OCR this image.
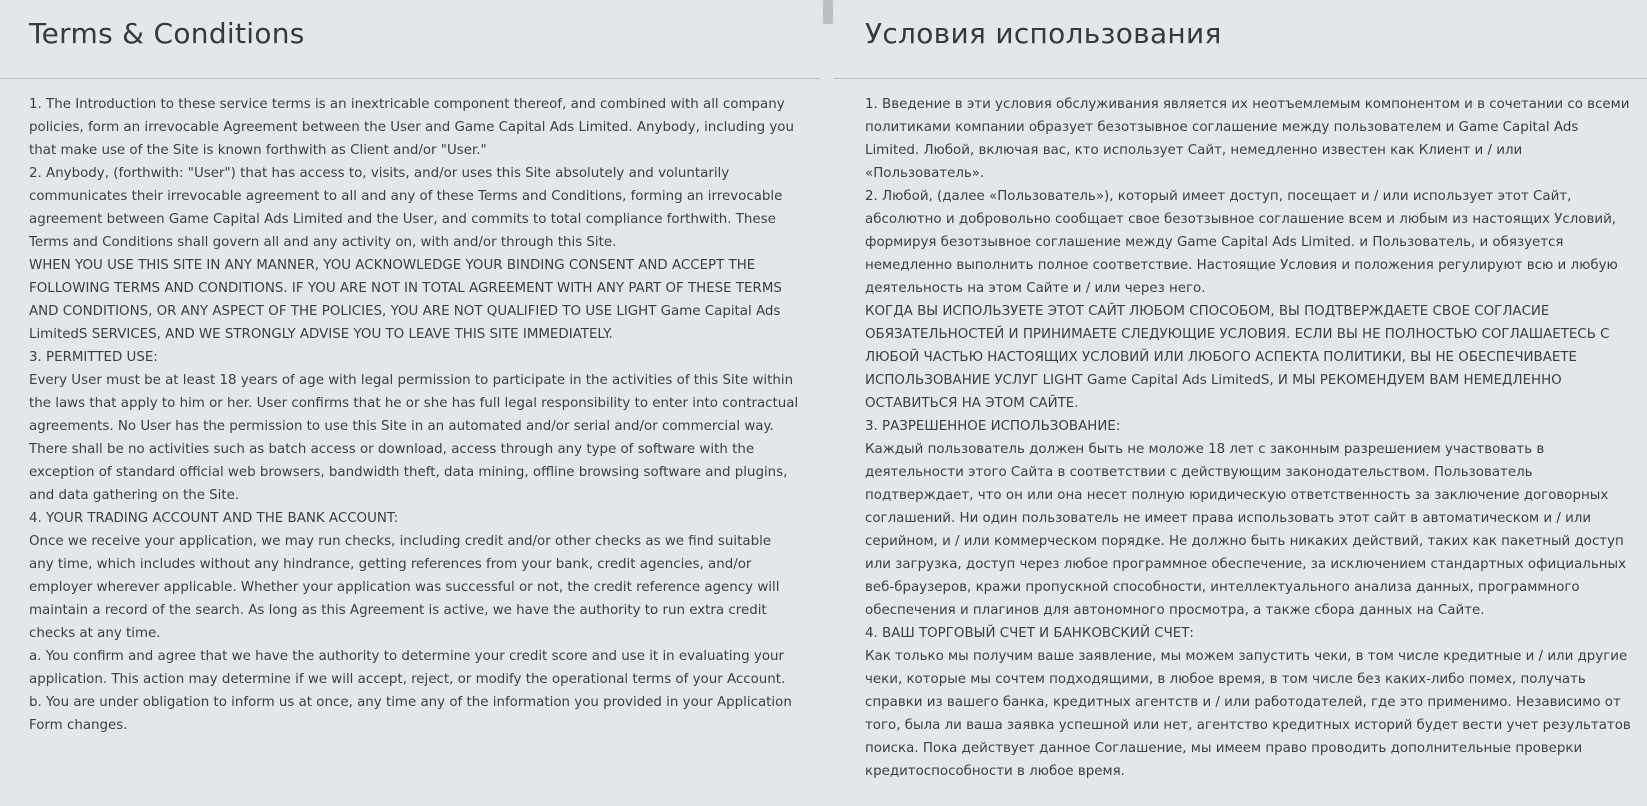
Terms & Conditions

1. The Introduction to these service terms is an inextricable component thereof, and combined with all company policies, form an irrevocable Agreement between the User and Game Capital Ads Limited. Anybody, including you that make use of the Site is known forthwith as Client and/or "User."

2. Anybody, (forthwith: "User") that has access to, visits, and/or uses this Site absolutely and voluntarily communicates their irrevocable agreement to all and any of these Terms and Conditions, forming an irrevocable agreement between Game Capital Ads Limited and the User, and commits to total compliance forthwith. These Terms and Conditions shall govern all and any activity on, with and/or through this Site.

WHEN YOU USE THIS SITE IN ANY MANNER, YOU ACKNOWLEDGE YOUR BINDING CONSENT AND ACCEPT THE FOLLOWING TERMS AND CONDITIONS. IF YOU ARE NOT IN TOTAL AGREEMENT WITH ANY PART OF THESE TERMS AND CONDITIONS, OR ANY ASPECT OF THE POLICIES, YOU ARE NOT QUALIFIED TO USE LIGHT Game Capital Ads LimitedS SERVICES, AND WE STRONGLY ADVISE YOU TO LEAVE THIS SITE IMMEDIATELY.

3. PERMITTED USE:

Every User must be at least 18 years of age with legal permission to participate in the activities of this Site within the laws that apply to him or her. User confirms that he or she has full legal responsibility to enter into contractual agreements. No User has the permission to use this Site in an automated and/or serial and/or commercial way. There shall be no activities such as batch access or download, access through any type of software with the exception of standard official web browsers, bandwidth theft, data mining, offline browsing software and plugins, and data gathering on the Site.

4. YOUR TRADING ACCOUNT AND THE BANK ACCOUNT:

Once we receive your application, we may run checks, including credit and/or other checks as we find suitable any time, which includes without any hindrance, getting references from your bank, credit agencies, and/or employer wherever applicable. Whether your application was successful or not, the credit reference agency will maintain a record of the search. As long as this Agreement is active, we have the authority to run extra credit checks at any time.

a. You confirm and agree that we have the authority to determine your credit score and use it in evaluating your application. This action may determine if we will accept, reject, or modify the operational terms of your Account.

b. You are under obligation to inform us at once, any time any of the information you provided in your Application Form changes.

Условия использования

1. Введение в эти условия обслуживания является их неотъемлемым компонентом и в сочетании со всеми политиками компании образует безотзывное соглашение между пользователем и Game Capital Ads Limited. Любой, включая вас, кто использует Сайт, немедленно известен как Клиент и / или «Пользователь».

2. Любой, (далее «Пользователь»), который имеет доступ, посещает и / или использует этот Сайт, абсолютно и добровольно сообщает свое безотзывное соглашение всем и любым из настоящих Условий, формируя безотзывное соглашение между Game Capital Ads Limited. и Пользователь, и обязуется немедленно выполнить полное соответствие. Настоящие Условия и положения регулируют всю и любую деятельность на этом Сайте и / или через него.

КОГДА ВЫ ИСПОЛЬЗУЕТЕ ЭТОТ САЙТ ЛЮБОМ СПОСОБОМ, ВЫ ПОДТВЕРЖДАЕТЕ СВОЕ СОГЛАСИЕ ОБЯЗАТЕЛЬНОСТЕЙ И ПРИНИМАЕТЕ СЛЕДУЮЩИЕ УСЛОВИЯ. ЕСЛИ ВЫ НЕ ПОЛНОСТЬЮ СОГЛАШАЕТЕСЬ С ЛЮБОЙ ЧАСТЬЮ НАСТОЯЩИХ УСЛОВИЙ ИЛИ ЛЮБОГО АСПЕКТА ПОЛИТИКИ, ВЫ НЕ ОБЕСПЕЧИВАЕТЕ ИСПОЛЬЗОВАНИЕ УСЛУГ LIGHT Game Capital Ads LimitedS, И МЫ РЕКОМЕНДУЕМ ВАМ НЕМЕДЛЕННО ОСТАВИТЬСЯ НА ЭТОМ САЙТЕ.

3. РАЗРЕШЕННОЕ ИСПОЛЬЗОВАНИЕ:

Каждый пользователь должен быть не моложе 18 лет с законным разрешением участвовать в деятельности этого Сайта в соответствии с действующим законодательством. Пользователь подтверждает, что он или она несет полную юридическую ответственность за заключение договорных соглашений. Ни один пользователь не имеет права использовать этот сайт в автоматическом и / или серийном, и / или коммерческом порядке. Не должно быть никаких действий, таких как пакетный доступ или загрузка, доступ через любое программное обеспечение, за исключением стандартных официальных веб-браузеров, кражи пропускной способности, интеллектуального анализа данных, программного обеспечения и плагинов для автономного просмотра, а также сбора данных на Сайте.

4. ВАШ ТОРГОВЫЙ СЧЕТ И БАНКОВСКИЙ СЧЕТ:

Как только мы получим ваше заявление, мы можем запустить чеки, в том числе кредитные и / или другие чеки, которые мы сочтем подходящими, в любое время, в том числе без каких-либо помех, получать справки из вашего банка, кредитных агентств и / или работодателей, где это применимо. Независимо от того, была ли ваша заявка успешной или нет, агентство кредитных историй будет вести учет результатов поиска. Пока действует данное Соглашение, мы имеем право проводить дополнительные проверки кредитоспособности в любое время.
